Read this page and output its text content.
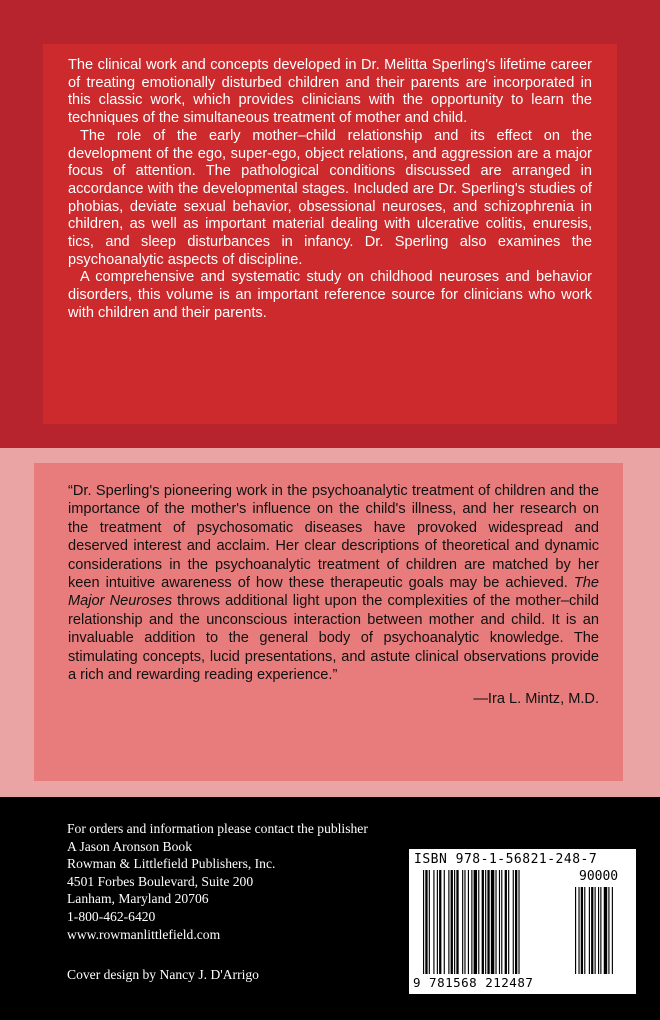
The clinical work and concepts developed in Dr. Melitta Sperling's lifetime career of treating emotionally disturbed children and their parents are incorporated in this classic work, which provides clinicians with the opportunity to learn the techniques of the simultaneous treatment of mother and child.

The role of the early mother–child relationship and its effect on the development of the ego, super-ego, object relations, and aggression are a major focus of attention. The pathological conditions discussed are arranged in accordance with the developmental stages. Included are Dr. Sperling's studies of phobias, deviate sexual behavior, obsessional neuroses, and schizophrenia in children, as well as important material dealing with ulcerative colitis, enuresis, tics, and sleep disturbances in infancy. Dr. Sperling also examines the psychoanalytic aspects of discipline.

A comprehensive and systematic study on childhood neuroses and behavior disorders, this volume is an important reference source for clinicians who work with children and their parents.

“Dr. Sperling's pioneering work in the psychoanalytic treatment of children and the importance of the mother's influence on the child's illness, and her research on the treatment of psychosomatic diseases have provoked widespread and deserved interest and acclaim. Her clear descriptions of theoretical and dynamic considerations in the psychoanalytic treatment of children are matched by her keen intuitive awareness of how these therapeutic goals may be achieved. The Major Neuroses throws additional light upon the complexities of the mother–child relationship and the unconscious interaction between mother and child. It is an invaluable addition to the general body of psychoanalytic knowledge. The stimulating concepts, lucid presentations, and astute clinical observations provide a rich and rewarding reading experience.”

—Ira L. Mintz, M.D.

For orders and information please contact the publisher
A Jason Aronson Book
Rowman & Littlefield Publishers, Inc.
4501 Forbes Boulevard, Suite 200
Lanham, Maryland 20706
1-800-462-6420
www.rowmanlittlefield.com
Cover design by Nancy J. D'Arrigo
ISBN 978-1-56821-248-7
90000
9 781568 212487
